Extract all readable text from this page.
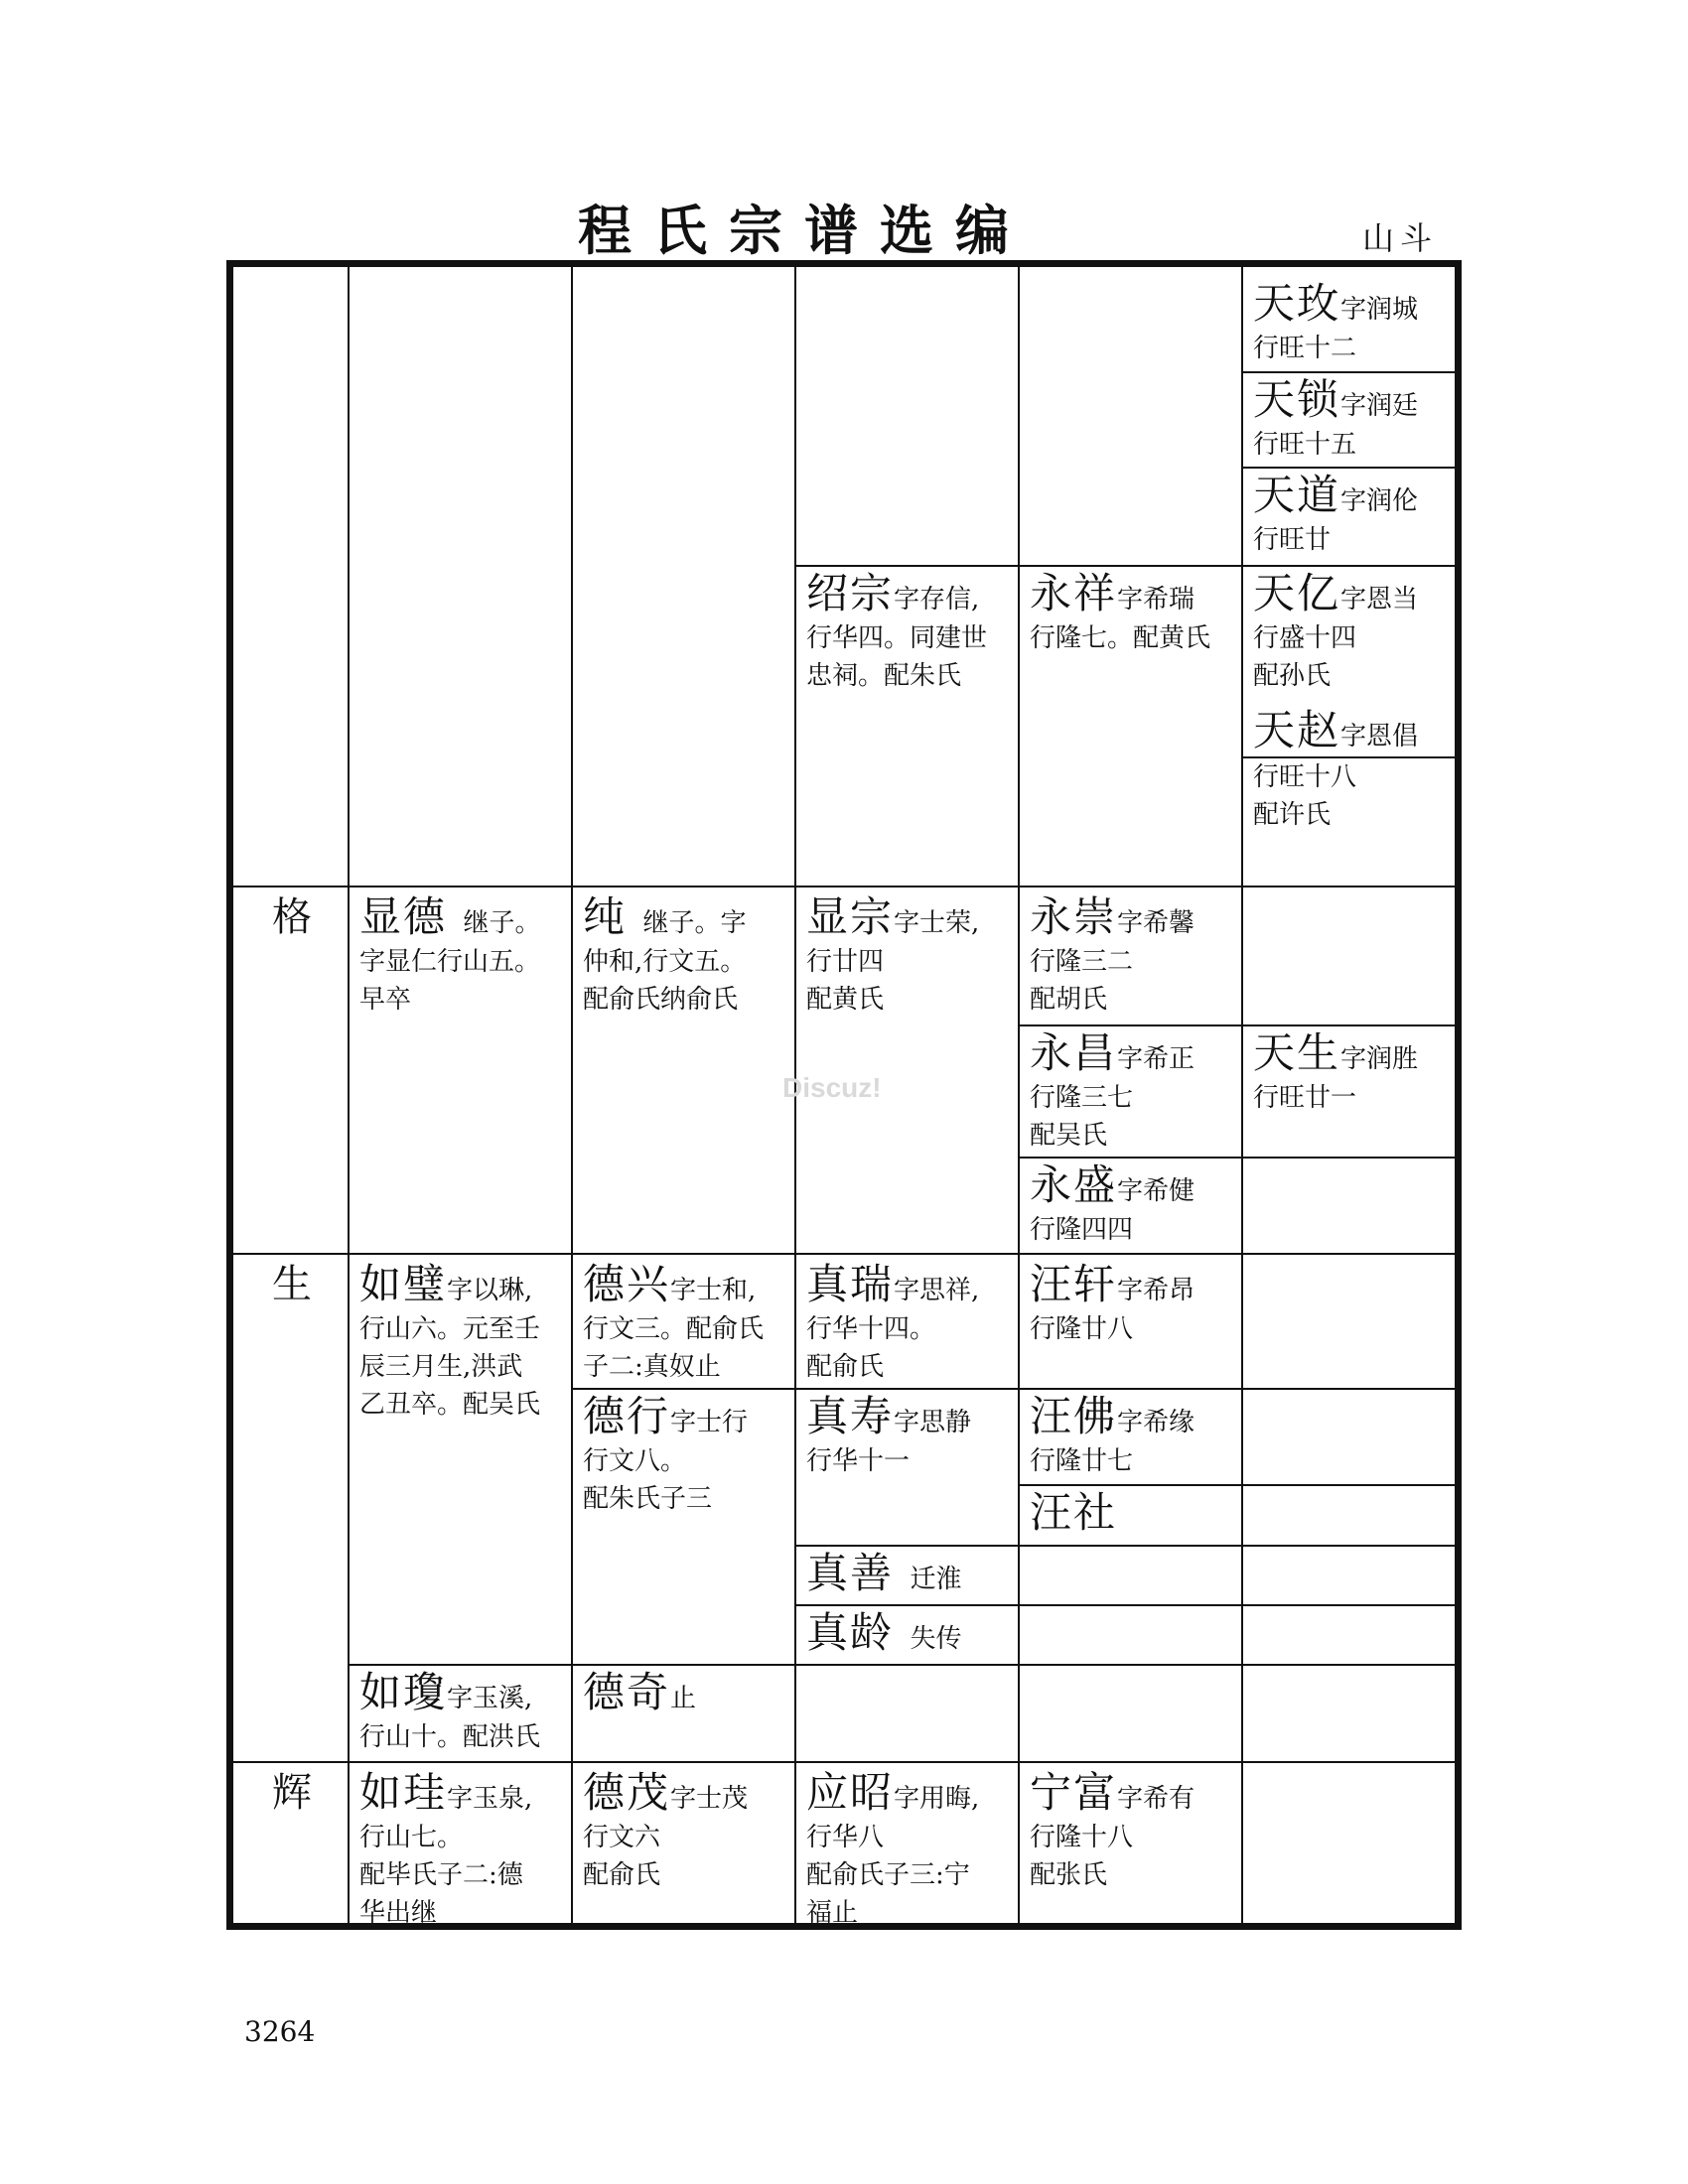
程氏宗谱选编	山斗
格
生
辉
天玫字润城
行旺十二
天锁字润廷
行旺十五
天道字润伦
行旺廿
绍宗字存信,
行华四。同建世
忠祠。配朱氏
永祥字希瑞
行隆七。配黄氏
天亿字恩当
行盛十四
配孙氏
天赵字恩倡
行旺十八
配许氏
显德 继子。
字显仁行山五。
早卒
纯 继子。字
仲和,行文五。
配俞氏纳俞氏
显宗字士荣,
行廿四
配黄氏
永崇字希馨
行隆三二
配胡氏
永昌字希正
行隆三七
配吴氏
天生字润胜
行旺廿一
永盛字希健
行隆四四
如璧字以琳,
行山六。元至壬
辰三月生,洪武
乙丑卒。配吴氏
德兴字士和,
行文三。配俞氏
子二:真奴止
真瑞字思祥,
行华十四。
配俞氏
汪轩字希昂
行隆廿八
德行字士行
行文八。
配朱氏子三
真寿字思静
行华十一
汪佛字希缘
行隆廿七
汪社
真善 迁淮
真龄 失传
如瓊字玉溪,
行山十。配洪氏
德奇止
如珪字玉泉,
行山七。
配毕氏子二:德
华出继
德茂字士茂
行文六
配俞氏
应昭字用晦,
行华八
配俞氏子三:宁
福止
宁富字希有
行隆十八
配张氏
Discuz!
3264
